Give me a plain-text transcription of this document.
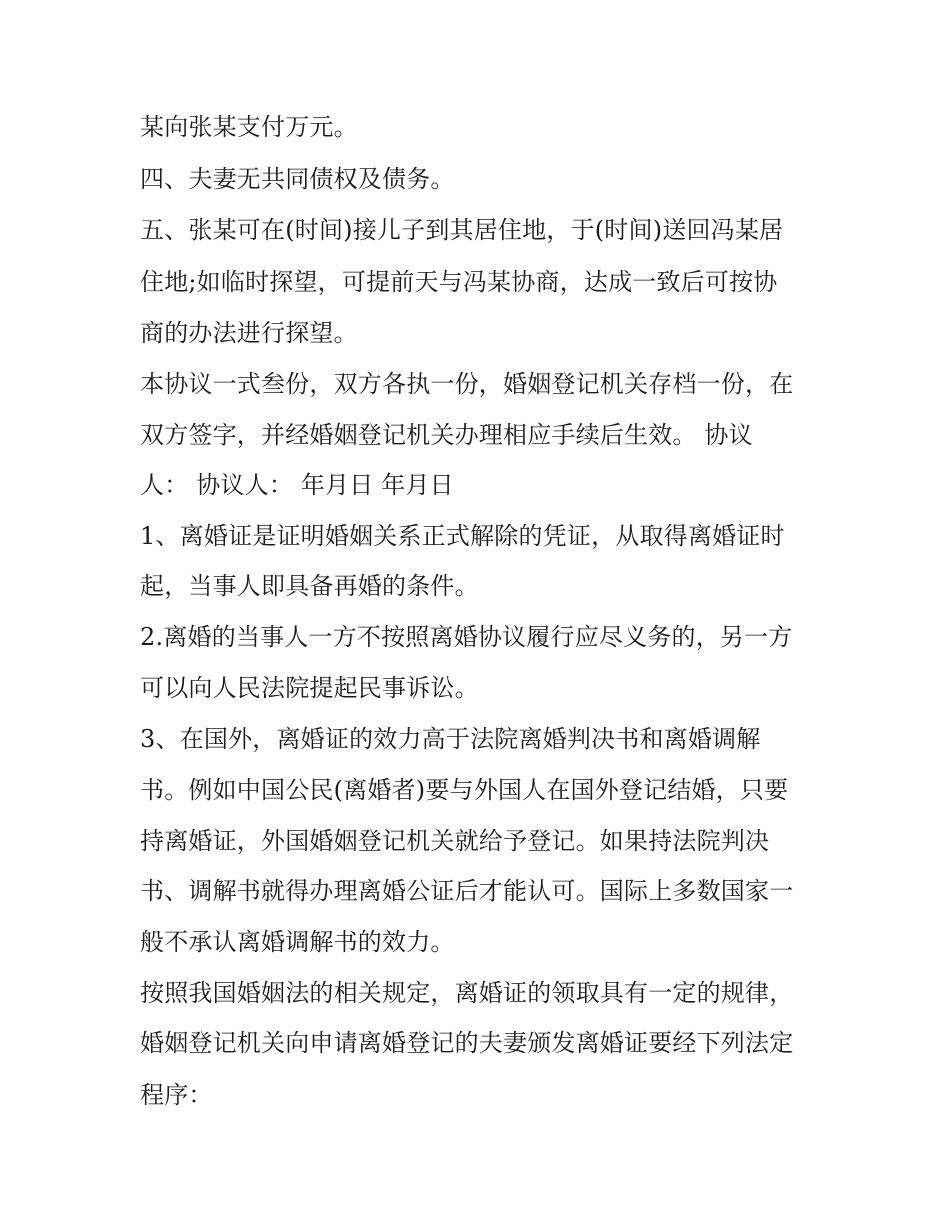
某向张某支付万元。
四、夫妻无共同债权及债务。
五、张某可在(时间)接儿子到其居住地，于(时间)送回冯某居
住地;如临时探望，可提前天与冯某协商，达成一致后可按协
商的办法进行探望。
本协议一式叁份，双方各执一份，婚姻登记机关存档一份，在
双方签字，并经婚姻登记机关办理相应手续后生效。 协议
人： 协议人： 年月日 年月日
1、离婚证是证明婚姻关系正式解除的凭证，从取得离婚证时
起，当事人即具备再婚的条件。
2.离婚的当事人一方不按照离婚协议履行应尽义务的，另一方
可以向人民法院提起民事诉讼。
3、在国外，离婚证的效力高于法院离婚判决书和离婚调解
书。例如中国公民(离婚者)要与外国人在国外登记结婚，只要
持离婚证，外国婚姻登记机关就给予登记。如果持法院判决
书、调解书就得办理离婚公证后才能认可。国际上多数国家一
般不承认离婚调解书的效力。
按照我国婚姻法的相关规定，离婚证的领取具有一定的规律，
婚姻登记机关向申请离婚登记的夫妻颁发离婚证要经下列法定
程序：
